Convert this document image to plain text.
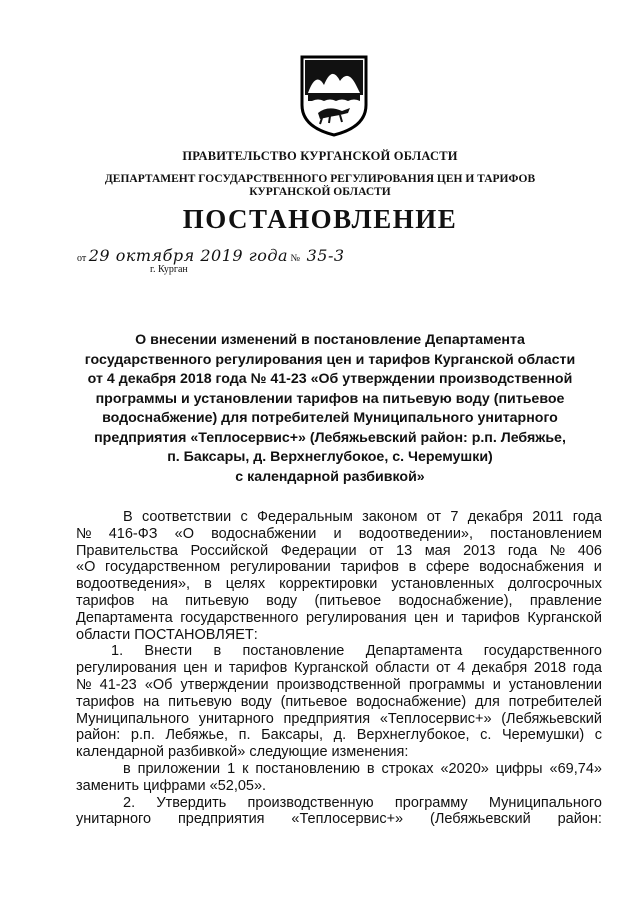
ПРАВИТЕЛЬСТВО КУРГАНСКОЙ ОБЛАСТИ
ДЕПАРТАМЕНТ ГОСУДАРСТВЕННОГО РЕГУЛИРОВАНИЯ ЦЕН И ТАРИФОВ
КУРГАНСКОЙ ОБЛАСТИ
ПОСТАНОВЛЕНИЕ
от 29 октября 2019 года № 35-3
г. Курган
О внесении изменений в постановление Департамента
государственного регулирования цен и тарифов Курганской области
от 4 декабря 2018 года № 41-23 «Об утверждении производственной
программы и установлении тарифов на питьевую воду (питьевое
водоснабжение) для потребителей Муниципального унитарного
предприятия «Теплосервис+» (Лебяжьевский район: р.п. Лебяжье,
п. Баксары, д. Верхнеглубокое, с. Черемушки)
с календарной разбивкой»
В соответствии с Федеральным законом от 7 декабря 2011 года
№ 416-ФЗ «О водоснабжении и водоотведении», постановлением
Правительства Российской Федерации от 13 мая 2013 года № 406
«О государственном регулировании тарифов в сфере водоснабжения и
водоотведения», в целях корректировки установленных долгосрочных
тарифов на питьевую воду (питьевое водоснабжение), правление
Департамента государственного регулирования цен и тарифов Курганской
области ПОСТАНОВЛЯЕТ:
1. Внести в постановление Департамента государственного
регулирования цен и тарифов Курганской области от 4 декабря 2018 года
№ 41-23 «Об утверждении производственной программы и установлении
тарифов на питьевую воду (питьевое водоснабжение) для потребителей
Муниципального унитарного предприятия «Теплосервис+» (Лебяжьевский
район: р.п. Лебяжье, п. Баксары, д. Верхнеглубокое, с. Черемушки) с
календарной разбивкой» следующие изменения:
в приложении 1 к постановлению в строках «2020» цифры «69,74»
заменить цифрами «52,05».
2. Утвердить производственную программу Муниципального
унитарного предприятия «Теплосервис+» (Лебяжьевский район:
